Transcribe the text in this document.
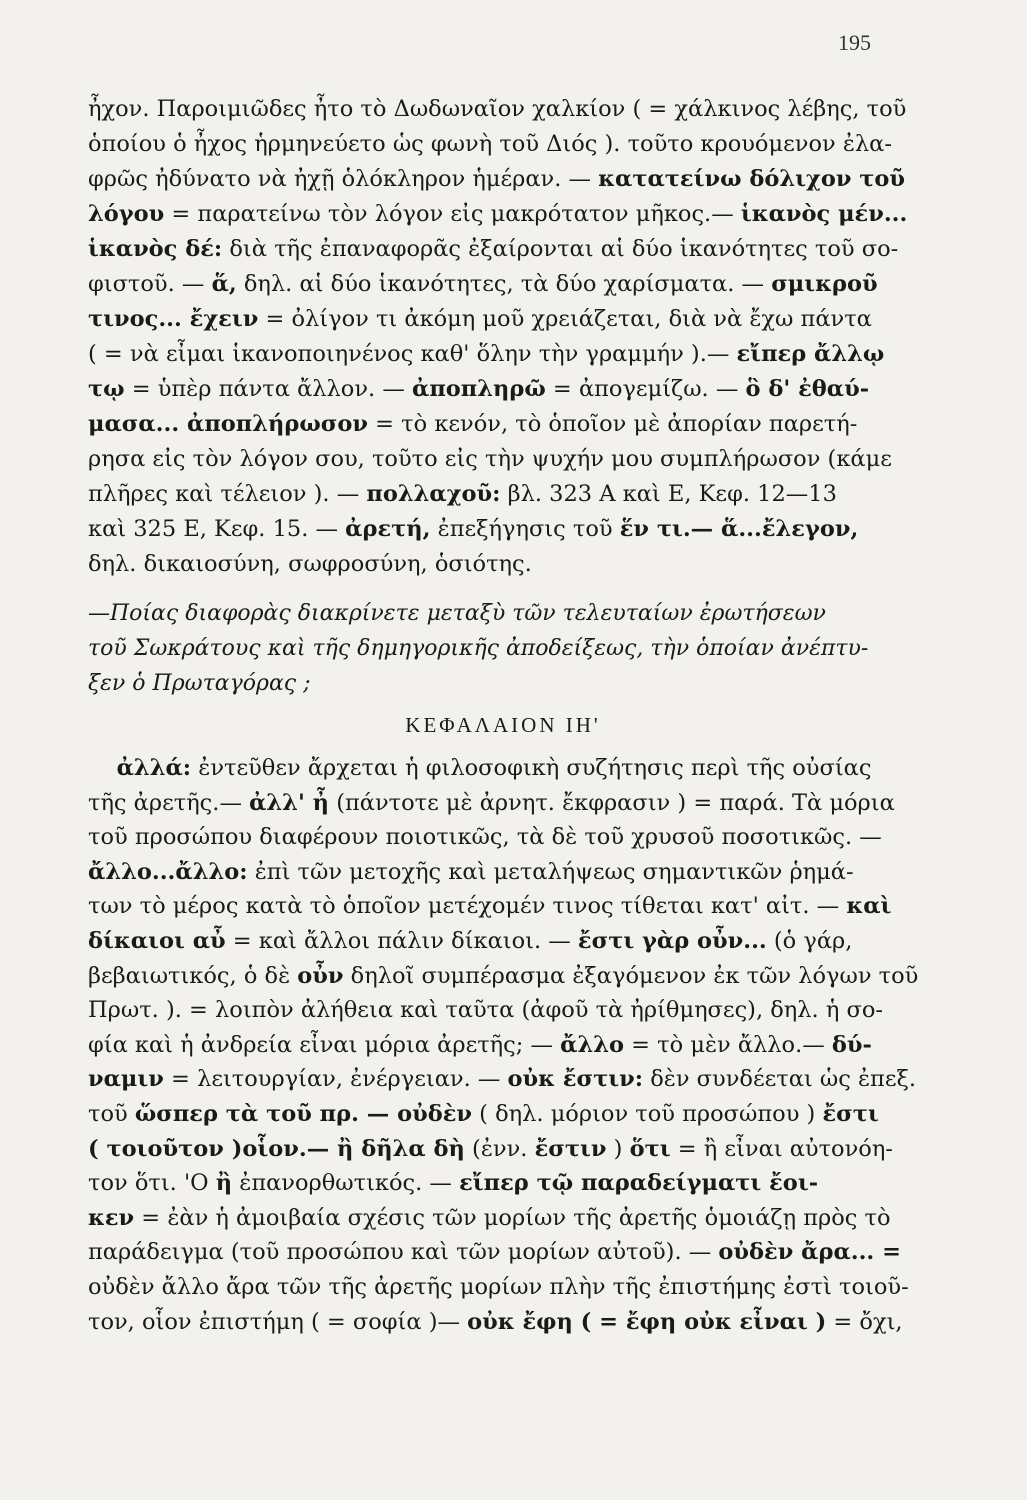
195
ἦχον. Παροιμιῶδες ἦτο τὸ Δωδωναῖον χαλκίον ( = χάλκινος λέβης, τοῦ
ὁποίου ὁ ἦχος ἡρμηνεύετο ὡς φωνὴ τοῦ Διός ). τοῦτο κρουόμενον ἐλα-
φρῶς ἠδύνατο νὰ ἠχῇ ὁλόκληρον ἡμέραν. — κατατείνω δόλιχον τοῦ
λόγου = παρατείνω τὸν λόγον εἰς μακρότατον μῆκος.— ἱκανὸς μέν...
ἱκανὸς δέ: διὰ τῆς ἐπαναφορᾶς ἐξαίρονται αἱ δύο ἱκανότητες τοῦ σο-
φιστοῦ. — ἅ, δηλ. αἱ δύο ἱκανότητες, τὰ δύο χαρίσματα. — σμικροῦ
τινος... ἔχειν = ὀλίγον τι ἀκόμη μοῦ χρειάζεται, διὰ νὰ ἔχω πάντα
( = νὰ εἶμαι ἱκανοποιηνένος καθ' ὅλην τὴν γραμμήν ).— εἴπερ ἄλλῳ
τῳ = ὑπὲρ πάντα ἄλλον. — ἀποπληρῶ = ἀπογεμίζω. — ὃ δ' ἐθαύ-
μασα... ἀποπλήρωσον = τὸ κενόν, τὸ ὁποῖον μὲ ἀπορίαν παρετή-
ρησα εἰς τὸν λόγον σου, τοῦτο εἰς τὴν ψυχήν μου συμπλήρωσον (κάμε
πλῆρες καὶ τέλειον ). — πολλαχοῦ: βλ. 323 Α καὶ Ε, Κεφ. 12—13
καὶ 325 Ε, Κεφ. 15. — ἀρετή, ἐπεξήγησις τοῦ ἕν τι.— ἅ...ἔλεγον,
δηλ. δικαιοσύνη, σωφροσύνη, ὁσιότης.
—Ποίας διαφορὰς διακρίνετε μεταξὺ τῶν τελευταίων ἐρωτήσεων
τοῦ Σωκράτους καὶ τῆς δημηγορικῆς ἀποδείξεως, τὴν ὁποίαν ἀνέπτυ-
ξεν ὁ Πρωταγόρας ;
ΚΕΦΑΛΑΙΟΝ ΙΗ'
ἀλλά: ἐντεῦθεν ἄρχεται ἡ φιλοσοφικὴ συζήτησις περὶ τῆς οὐσίας
τῆς ἀρετῆς.— ἀλλ' ἦ (πάντοτε μὲ ἀρνητ. ἔκφρασιν ) = παρά. Τὰ μόρια
τοῦ προσώπου διαφέρουν ποιοτικῶς, τὰ δὲ τοῦ χρυσοῦ ποσοτικῶς. —
ἄλλο...ἄλλο: ἐπὶ τῶν μετοχῆς καὶ μεταλήψεως σημαντικῶν ῥημά-
των τὸ μέρος κατὰ τὸ ὁποῖον μετέχομέν τινος τίθεται κατ' αἰτ. — καὶ
δίκαιοι αὖ = καὶ ἄλλοι πάλιν δίκαιοι. — ἔστι γὰρ οὖν... (ὁ γάρ,
βεβαιωτικός, ὁ δὲ οὖν δηλοῖ συμπέρασμα ἐξαγόμενον ἐκ τῶν λόγων τοῦ
Πρωτ. ). = λοιπὸν ἀλήθεια καὶ ταῦτα (ἀφοῦ τὰ ἠρίθμησες), δηλ. ἡ σο-
φία καὶ ἡ ἀνδρεία εἶναι μόρια ἀρετῆς; — ἄλλο = τὸ μὲν ἄλλο.— δύ-
ναμιν = λειτουργίαν, ἐνέργειαν. — οὐκ ἔστιν: δὲν συνδέεται ὡς ἐπεξ.
τοῦ ὥσπερ τὰ τοῦ πρ. — οὐδὲν ( δηλ. μόριον τοῦ προσώπου ) ἔστι
( τοιοῦτον )οἷον.— ἢ δῆλα δὴ (ἐνν. ἔστιν ) ὅτι = ἢ εἶναι αὐτονόη-
τον ὅτι. 'Ο ἢ ἐπανορθωτικός. — εἴπερ τῷ παραδείγματι ἔοι-
κεν = ἐὰν ἡ ἀμοιβαία σχέσις τῶν μορίων τῆς ἀρετῆς ὁμοιάζῃ πρὸς τὸ
παράδειγμα (τοῦ προσώπου καὶ τῶν μορίων αὐτοῦ). — οὐδὲν ἄρα... =
οὐδὲν ἄλλο ἄρα τῶν τῆς ἀρετῆς μορίων πλὴν τῆς ἐπιστήμης ἐστὶ τοιοῦ-
τον, οἷον ἐπιστήμη ( = σοφία )— οὐκ ἔφη ( = ἔφη οὐκ εἶναι ) = ὄχι,
